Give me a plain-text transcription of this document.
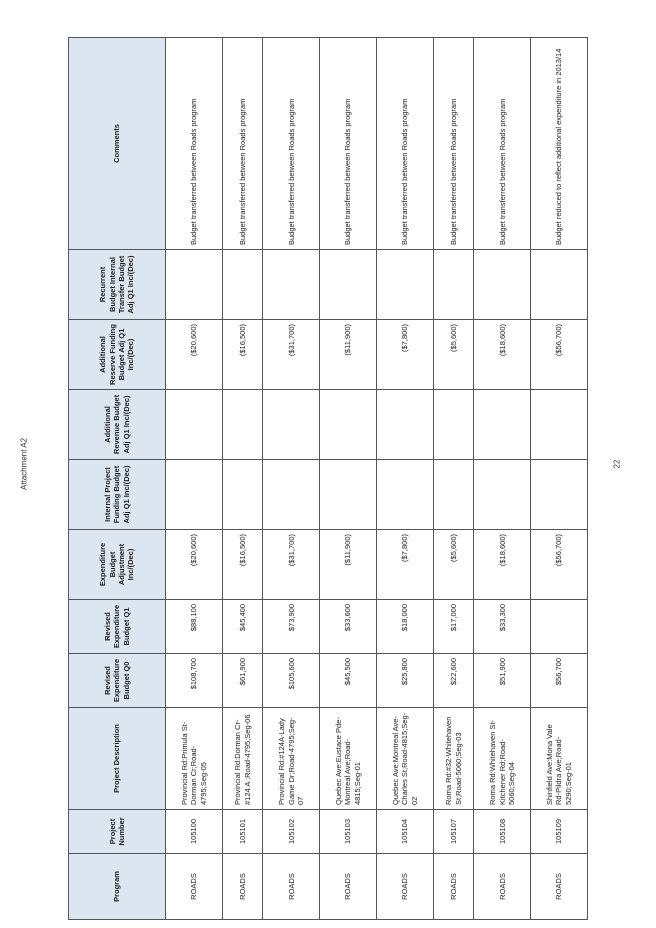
Attachment A2
Program	Project Number	Project Description	Revised Expenditure Budget Q0	Revised Expenditure Budget Q1	Expenditure Budget Adjustment Inc/(Dec)	Internal Project Funding Budget Adj Q1 Inc/(Dec)	Additional Revenue Budget Adj Q1 Inc/(Dec)	Additional Reserve Funding Budget Adj Q1 Inc/(Dec)	Recurrent Budget Internal Transfer Budget Adj Q1 Inc/(Dec)	Comments
ROADS	105100	Provincial Rd:Primula St-Dorman Cr;Road-4795;Seg-05	$108,700	$88,100	($20,600)			($20,600)		Budget transferred between Roads program
ROADS	105101	Provincial Rd:Dorman Cr-#124 A ;Road-4795;Seg-06	$61,900	$45,400	($16,500)			($16,500)		Budget transferred between Roads program
ROADS	105102	Provincial Rd:#124A-Lady Game Dr;Road-4795;Seg-07	$105,600	$73,900	($31,700)			($31,700)		Budget transferred between Roads program
ROADS	105103	Quebec Ave:Eustace Pde-Montreal Ave;Road-4815;Seg-01	$45,500	$33,600	($11,900)			($11,900)		Budget transferred between Roads program
ROADS	105104	Quebec Ave:Montreal Ave-Charles St;Road-4815;Seg-02	$25,800	$18,000	($7,800)			($7,800)		Budget transferred between Roads program
ROADS	105107	Roma Rd:#32-Whitehaven St;Road-5060;Seg-03	$22,600	$17,000	($5,600)			($5,600)		Budget transferred between Roads program
ROADS	105108	Roma Rd:Whitehaven St-Kitchener Rd;Road-5060;Seg-04	$51,900	$33,300	($18,600)			($18,600)		Budget transferred between Roads program
ROADS	105109	Shinfield Ave:Mona Vale Rd-Pildra Ave;Road-5290;Seg-01	$56,700		($56,700)			($56,700)		Budget reduced to reflect additional expenditure in 2013/14
22
